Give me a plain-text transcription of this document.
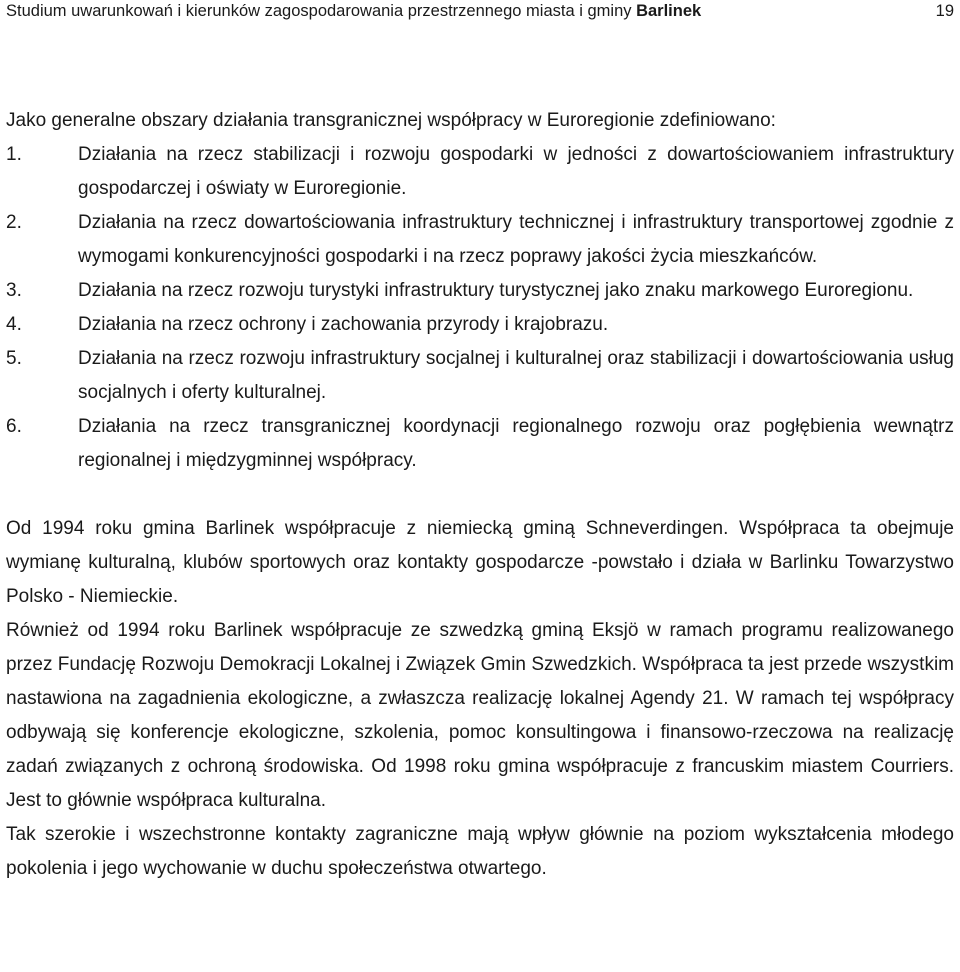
Studium uwarunkowań i kierunków zagospodarowania przestrzennego miasta i gminy Barlinek	19

Jako generalne obszary działania transgranicznej współpracy w Euroregionie zdefiniowano:

1.	Działania na rzecz stabilizacji i rozwoju gospodarki w jedności z dowartościowaniem infrastruktury gospodarczej i oświaty w Euroregionie.
2.	Działania na rzecz dowartościowania infrastruktury technicznej i infrastruktury transportowej zgodnie z wymogami konkurencyjności gospodarki i na rzecz poprawy jakości życia mieszkańców.
3.	Działania na rzecz rozwoju turystyki infrastruktury turystycznej jako znaku markowego Euroregionu.
4.	Działania na rzecz ochrony i zachowania przyrody i krajobrazu.
5.	Działania na rzecz rozwoju infrastruktury socjalnej i kulturalnej oraz stabilizacji i dowartościowania usług socjalnych i oferty kulturalnej.
6.	Działania na rzecz transgranicznej koordynacji regionalnego rozwoju oraz pogłębienia wewnątrz regionalnej i międzygminnej współpracy.

Od 1994 roku gmina Barlinek współpracuje z niemiecką gminą Schneverdingen. Współpraca ta obejmuje wymianę kulturalną, klubów sportowych oraz kontakty gospodarcze -powstało i działa w Barlinku Towarzystwo Polsko - Niemieckie.

Również od 1994 roku Barlinek współpracuje ze szwedzką gminą Eksjö w ramach programu realizowanego przez Fundację Rozwoju Demokracji Lokalnej i Związek Gmin Szwedzkich. Współpraca ta jest przede wszystkim nastawiona na zagadnienia ekologiczne, a zwłaszcza realizację lokalnej Agendy 21. W ramach tej współpracy odbywają się konferencje ekologiczne, szkolenia, pomoc konsultingowa i finansowo-rzeczowa na realizację zadań związanych z ochroną środowiska. Od 1998 roku gmina współpracuje z francuskim miastem Courriers. Jest to głównie współpraca kulturalna.

Tak szerokie i wszechstronne kontakty zagraniczne mają wpływ głównie na poziom wykształcenia młodego pokolenia i jego wychowanie w duchu społeczeństwa otwartego.
